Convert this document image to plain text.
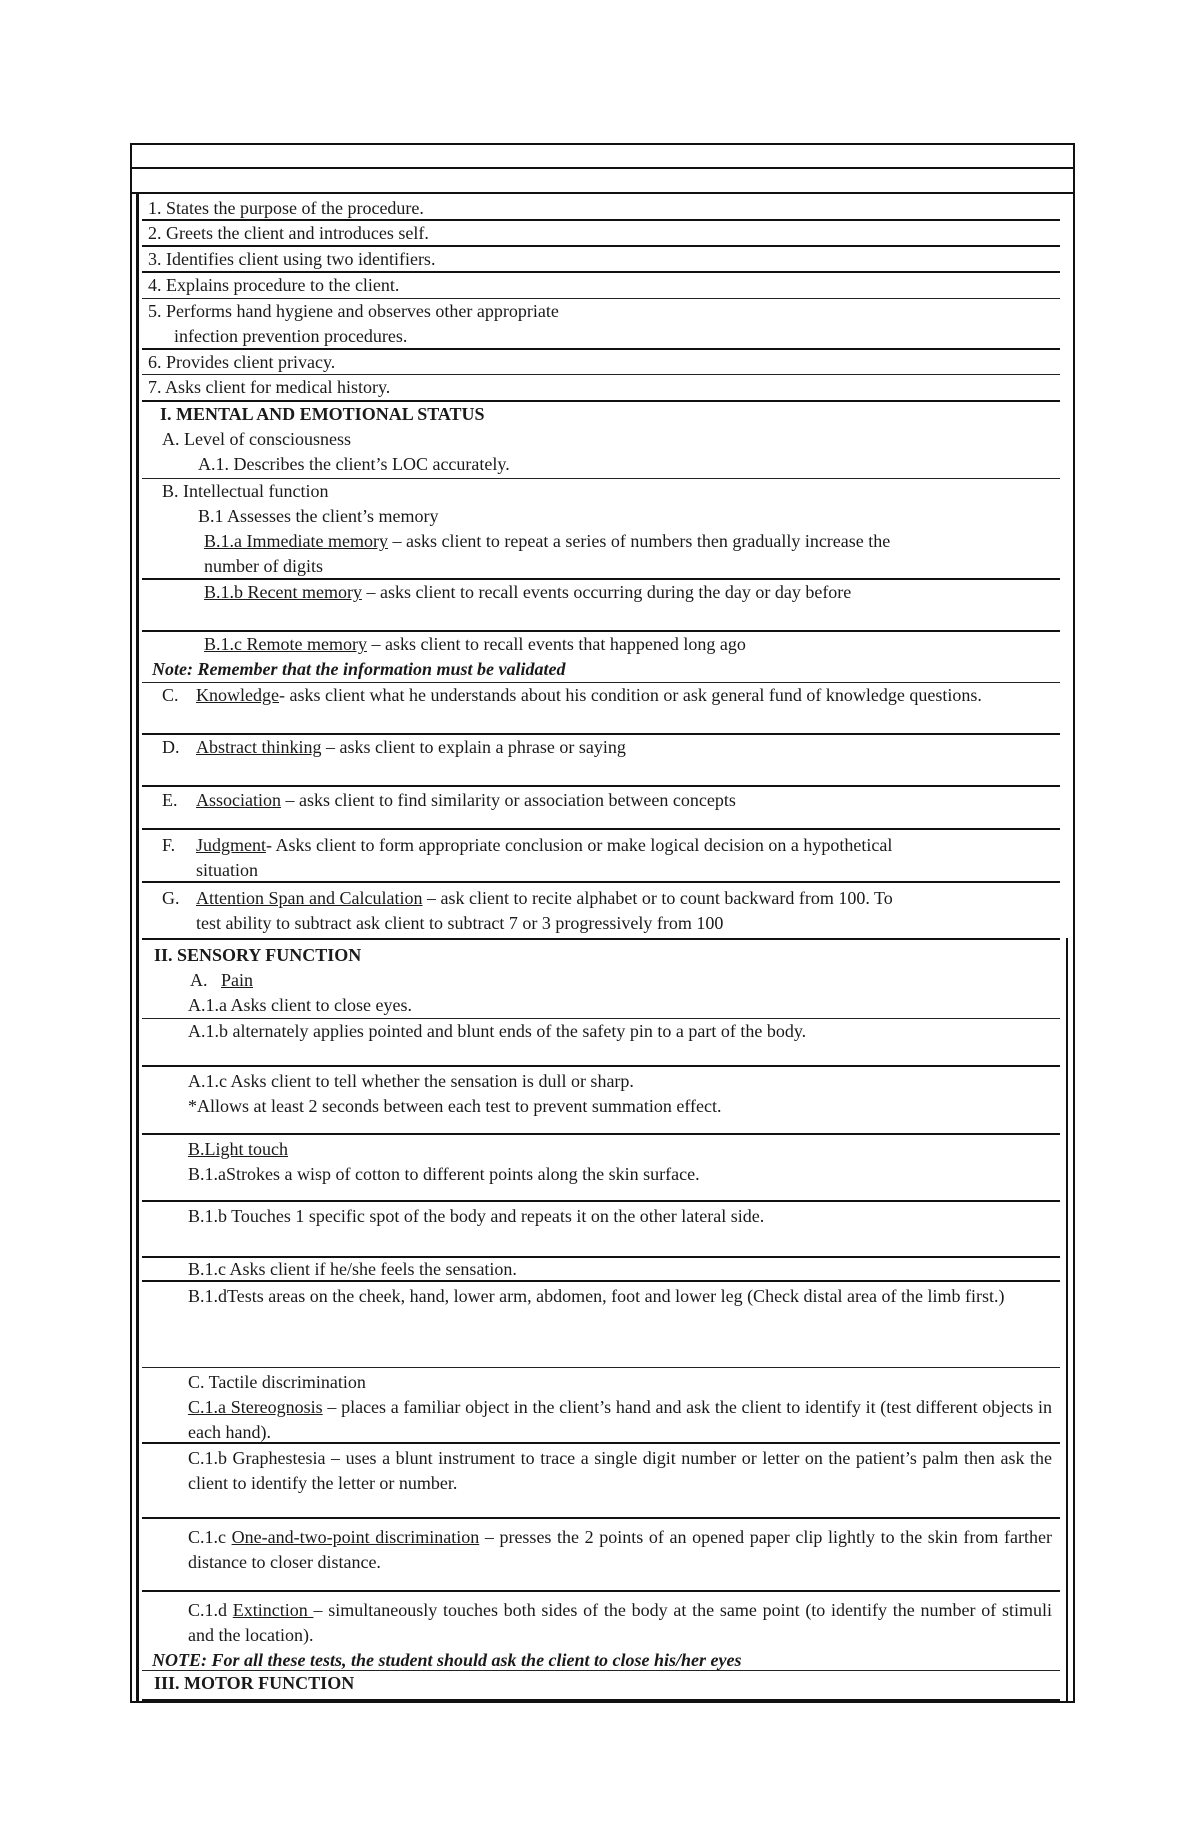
1. States the purpose of the procedure.
2. Greets the client and introduces self.
3. Identifies client using two identifiers.
4. Explains procedure to the client.
5. Performs hand hygiene and observes other appropriate
infection prevention procedures.
6. Provides client privacy.
7. Asks client for medical history.
I. MENTAL AND EMOTIONAL STATUS
A. Level of consciousness
A.1. Describes the client’s LOC accurately.
B. Intellectual function
B.1 Assesses the client’s memory
B.1.a Immediate memory – asks client to repeat a series of numbers then gradually increase the
number of digits
B.1.b Recent memory – asks client to recall events occurring during the day or day before
B.1.c Remote memory – asks client to recall events that happened long ago
Note: Remember that the information must be validated
C. Knowledge- asks client what he understands about his condition or ask general fund of knowledge questions.
D. Abstract thinking – asks client to explain a phrase or saying
E. Association – asks client to find similarity or association between concepts
F. Judgment- Asks client to form appropriate conclusion or make logical decision on a hypothetical
situation
G. Attention Span and Calculation – ask client to recite alphabet or to count backward from 100. To
test ability to subtract ask client to subtract 7 or 3 progressively from 100
II. SENSORY FUNCTION
A. Pain
A.1.a Asks client to close eyes.
A.1.b alternately applies pointed and blunt ends of the safety pin to a part of the body.
A.1.c Asks client to tell whether the sensation is dull or sharp.
*Allows at least 2 seconds between each test to prevent summation effect.
B.Light touch
B.1.aStrokes a wisp of cotton to different points along the skin surface.
B.1.b Touches 1 specific spot of the body and repeats it on the other lateral side.
B.1.c Asks client if he/she feels the sensation.
B.1.dTests areas on the cheek, hand, lower arm, abdomen, foot and lower leg (Check distal area of the limb first.)
C. Tactile discrimination
C.1.a Stereognosis – places a familiar object in the client’s hand and ask the client to identify it (test different objects in each hand).
C.1.b Graphestesia – uses a blunt instrument to trace a single digit number or letter on the patient’s palm then ask the client to identify the letter or number.
C.1.c One-and-two-point discrimination – presses the 2 points of an opened paper clip lightly to the skin from farther distance to closer distance.
C.1.d Extinction – simultaneously touches both sides of the body at the same point (to identify the number of stimuli and the location).
NOTE: For all these tests, the student should ask the client to close his/her eyes
III. MOTOR FUNCTION
